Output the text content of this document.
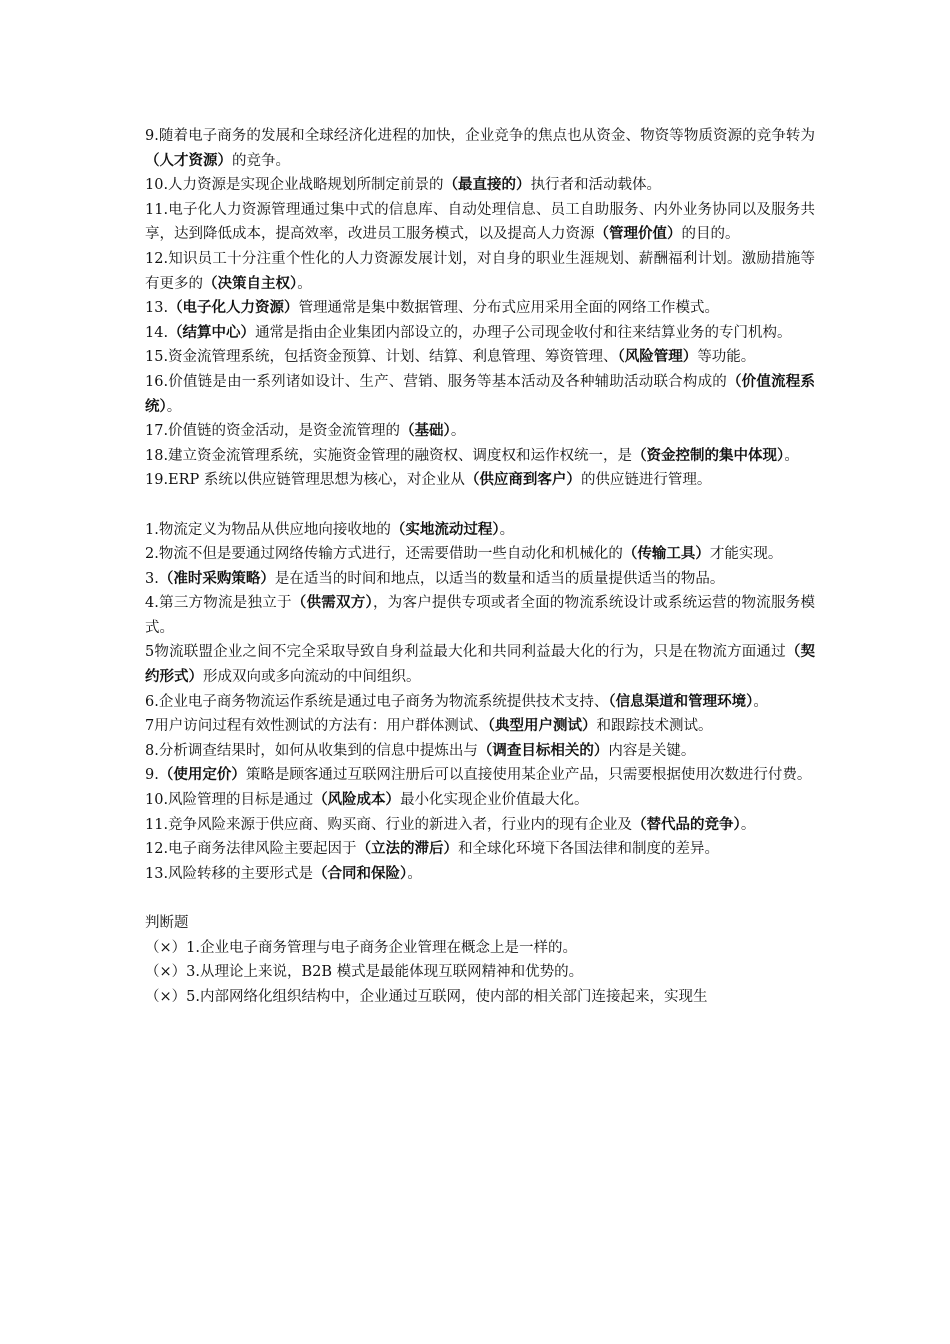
9.随着电子商务的发展和全球经济化进程的加快，企业竞争的焦点也从资金、物资等物质资源的竞争转为（人才资源）的竞争。

10.人力资源是实现企业战略规划所制定前景的（最直接的）执行者和活动载体。

11.电子化人力资源管理通过集中式的信息库、自动处理信息、员工自助服务、内外业务协同以及服务共享，达到降低成本，提高效率，改进员工服务模式，以及提高人力资源（管理价值）的目的。

12.知识员工十分注重个性化的人力资源发展计划，对自身的职业生涯规划、薪酬福利计划。激励措施等有更多的（决策自主权）。

13.（电子化人力资源）管理通常是集中数据管理、分布式应用采用全面的网络工作模式。

14.（结算中心）通常是指由企业集团内部设立的，办理子公司现金收付和往来结算业务的专门机构。

15.资金流管理系统，包括资金预算、计划、结算、利息管理、筹资管理、（风险管理）等功能。

16.价值链是由一系列诸如设计、生产、营销、服务等基本活动及各种辅助活动联合构成的（价值流程系统）。

17.价值链的资金活动，是资金流管理的（基础）。

18.建立资金流管理系统，实施资金管理的融资权、调度权和运作权统一，是（资金控制的集中体现）。

19.ERP 系统以供应链管理思想为核心，对企业从（供应商到客户）的供应链进行管理。

1.物流定义为物品从供应地向接收地的（实地流动过程）。

2.物流不但是要通过网络传输方式进行，还需要借助一些自动化和机械化的（传输工具）才能实现。

3.（准时采购策略）是在适当的时间和地点，以适当的数量和适当的质量提供适当的物品。

4.第三方物流是独立于（供需双方），为客户提供专项或者全面的物流系统设计或系统运营的物流服务模式。

5物流联盟企业之间不完全采取导致自身利益最大化和共同利益最大化的行为，只是在物流方面通过（契约形式）形成双向或多向流动的中间组织。

6.企业电子商务物流运作系统是通过电子商务为物流系统提供技术支持、（信息渠道和管理环境）。

7用户访问过程有效性测试的方法有：用户群体测试、（典型用户测试）和跟踪技术测试。

8.分析调查结果时，如何从收集到的信息中提炼出与（调查目标相关的）内容是关键。

9.（使用定价）策略是顾客通过互联网注册后可以直接使用某企业产品，只需要根据使用次数进行付费。

10.风险管理的目标是通过（风险成本）最小化实现企业价值最大化。

11.竞争风险来源于供应商、购买商、行业的新进入者，行业内的现有企业及（替代品的竞争）。

12.电子商务法律风险主要起因于（立法的滞后）和全球化环境下各国法律和制度的差异。

13.风险转移的主要形式是（合同和保险）。

判断题

（×）1.企业电子商务管理与电子商务企业管理在概念上是一样的。

（×）3.从理论上来说，B2B 模式是最能体现互联网精神和优势的。

（×）5.内部网络化组织结构中，企业通过互联网，使内部的相关部门连接起来，实现生
